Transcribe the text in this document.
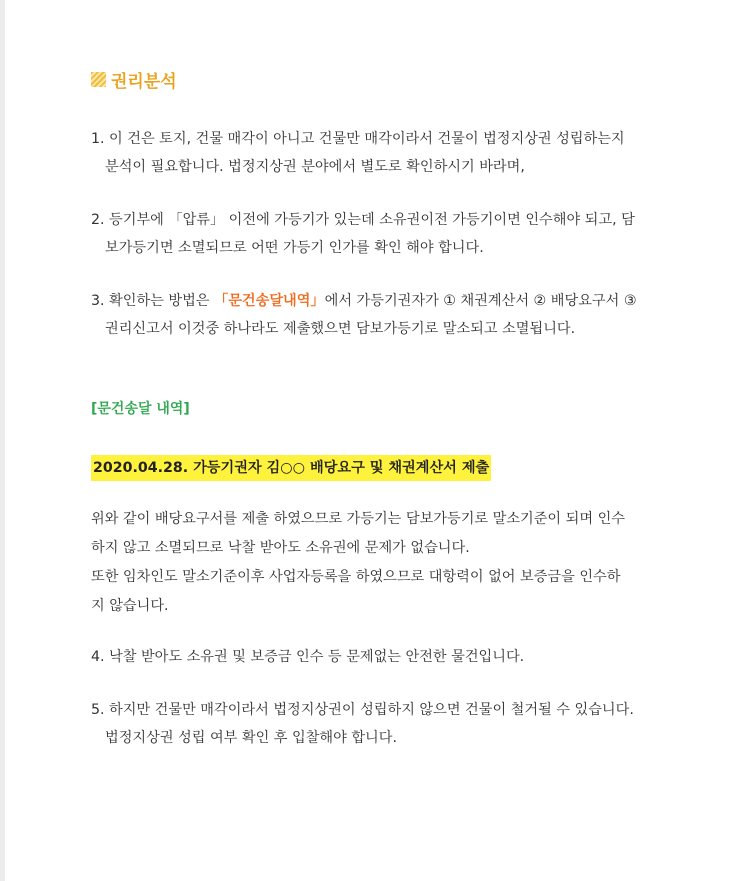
권리분석
1. 이 건은 토지, 건물 매각이 아니고 건물만 매각이라서 건물이 법정지상권 성립하는지
분석이 필요합니다. 법정지상권 분야에서 별도로 확인하시기 바라며,
2. 등기부에 「압류」 이전에 가등기가 있는데 소유권이전 가등기이면 인수해야 되고, 담
보가등기면 소멸되므로 어떤 가등기 인가를 확인 해야 합니다.
3. 확인하는 방법은 「문건송달내역」에서 가등기권자가 ① 채권계산서 ② 배당요구서 ③
권리신고서 이것중 하나라도 제출했으면 담보가등기로 말소되고 소멸됩니다.
[문건송달 내역]
2020.04.28. 가등기권자 김○○ 배당요구 및 채권계산서 제출
위와 같이 배당요구서를 제출 하였으므로 가등기는 담보가등기로 말소기준이 되며 인수
하지 않고 소멸되므로 낙찰 받아도 소유권에 문제가 없습니다.
또한 임차인도 말소기준이후 사업자등록을 하였으므로 대항력이 없어 보증금을 인수하
지 않습니다.
4. 낙찰 받아도 소유권 및 보증금 인수 등 문제없는 안전한 물건입니다.
5. 하지만 건물만 매각이라서 법정지상권이 성립하지 않으면 건물이 철거될 수 있습니다.
법정지상권 성립 여부 확인 후 입찰해야 합니다.
